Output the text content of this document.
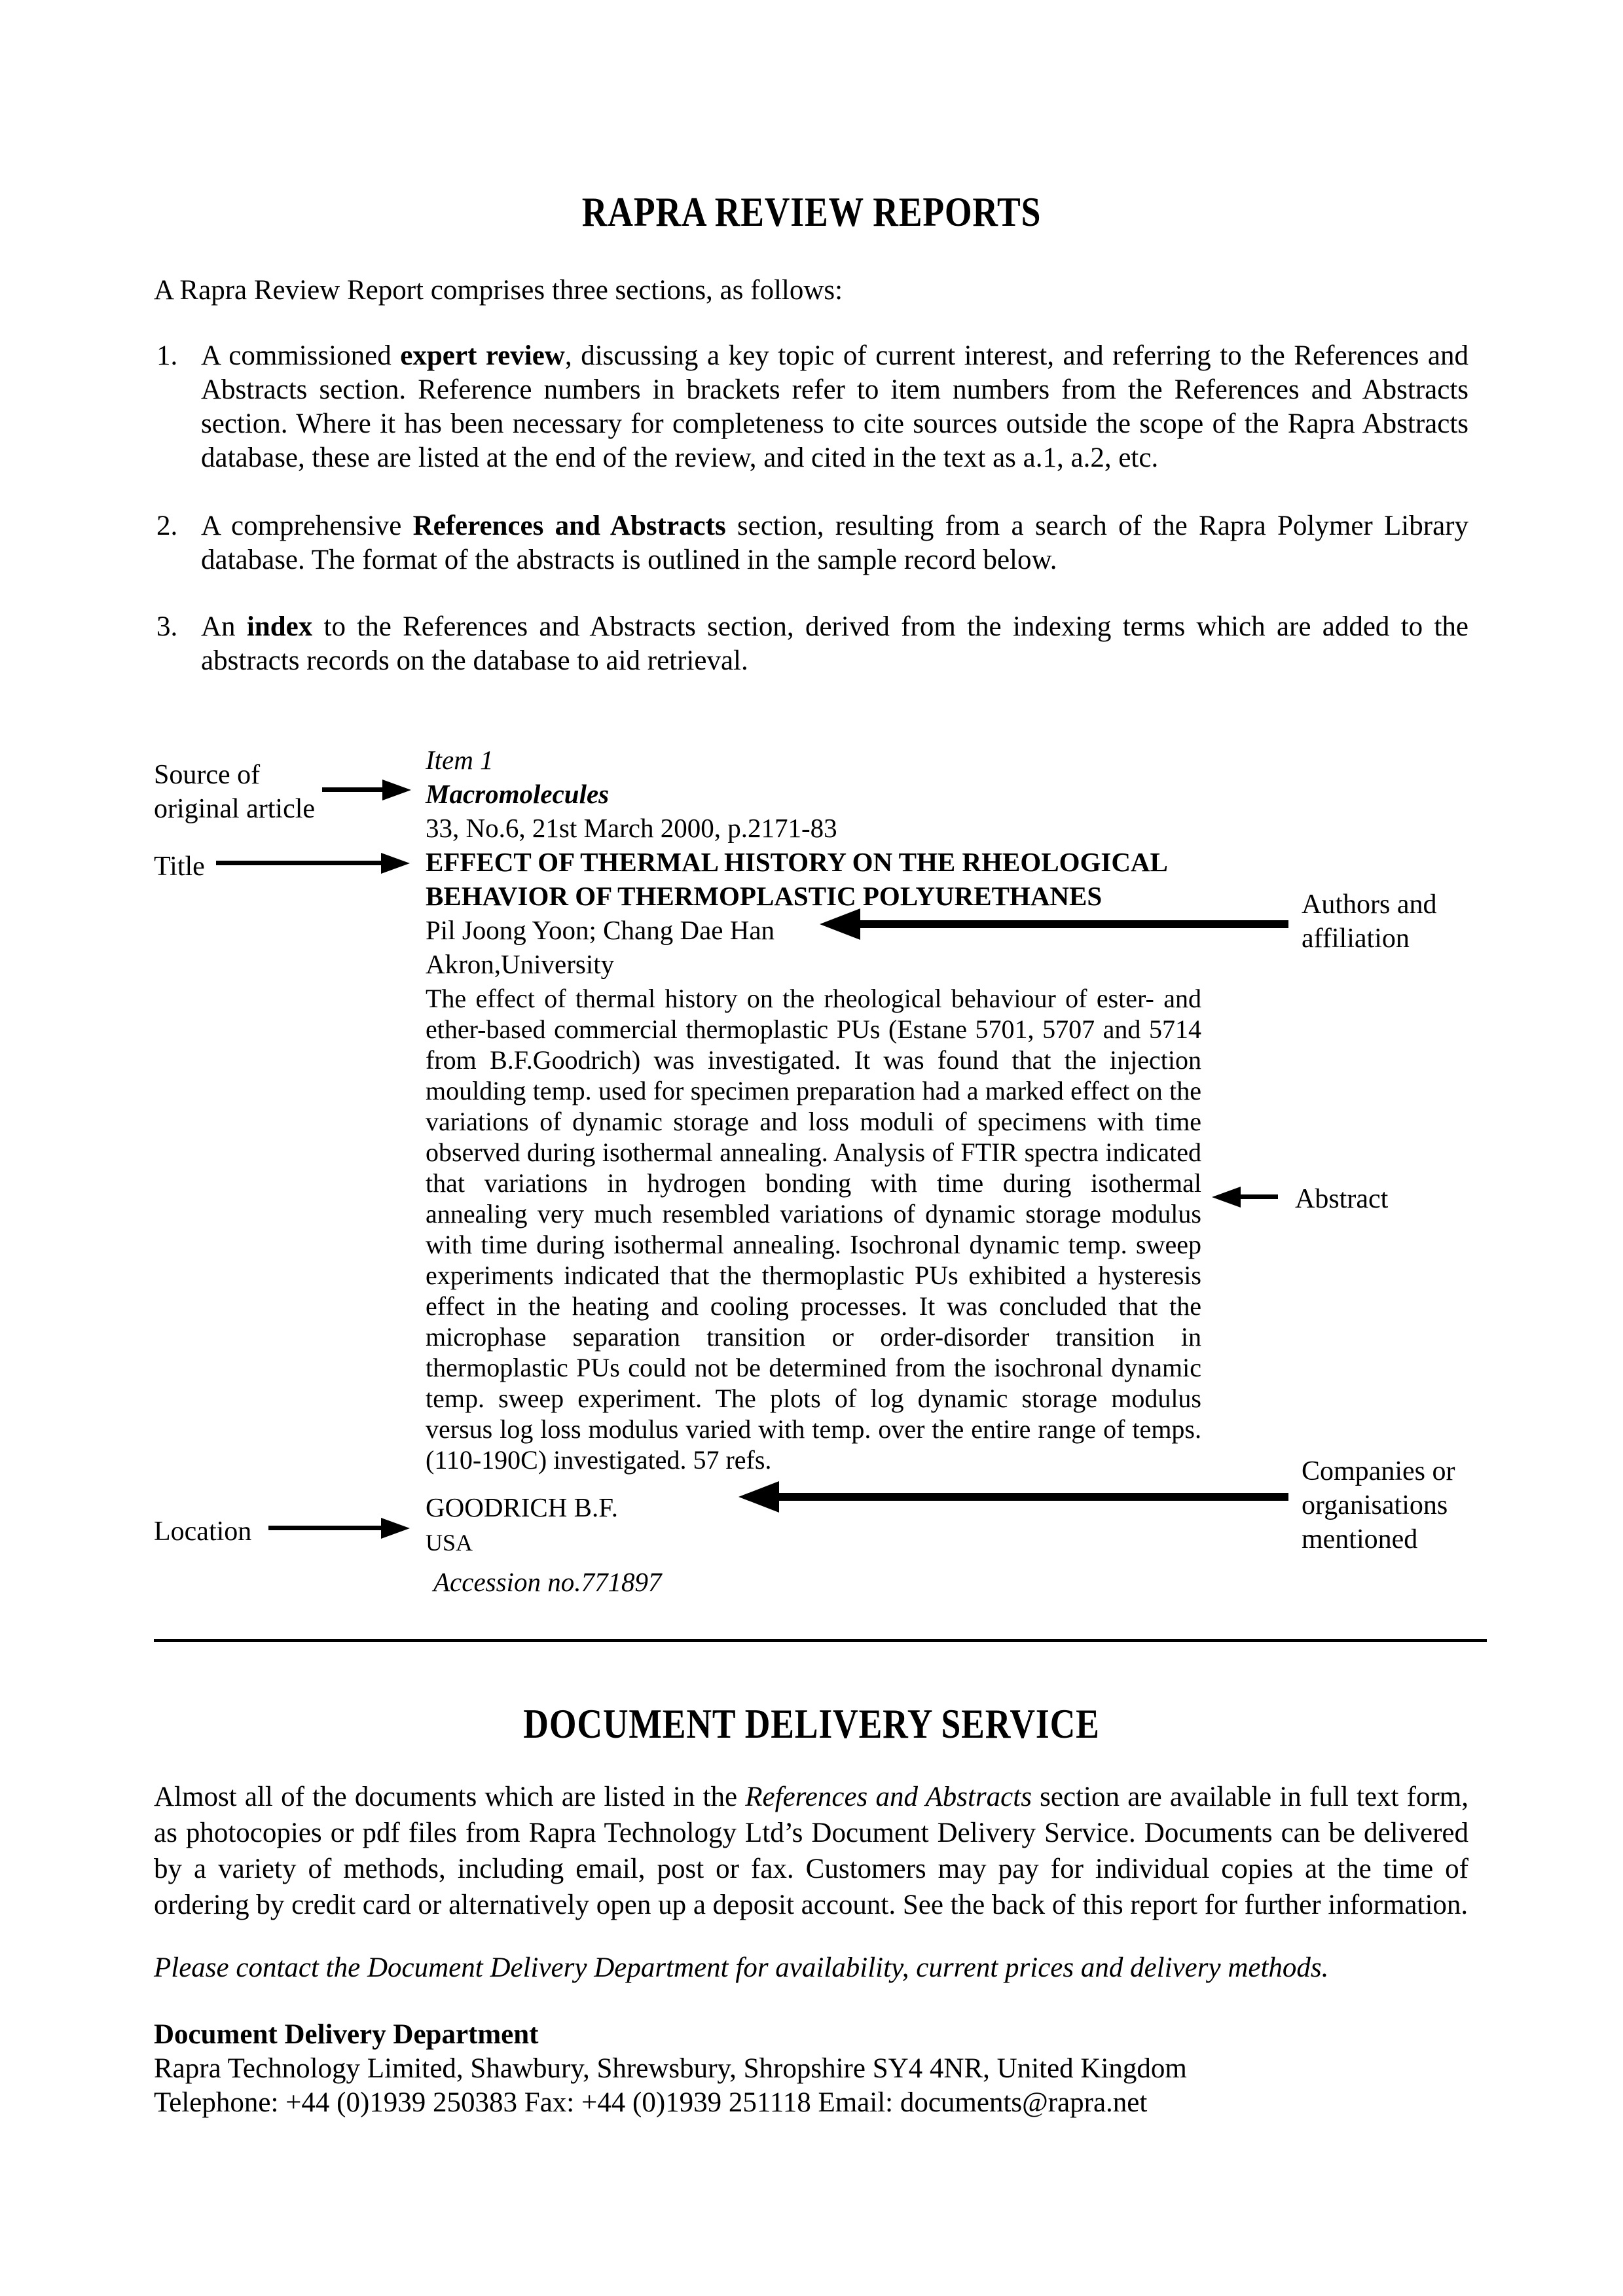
RAPRA REVIEW REPORTS
A Rapra Review Report comprises three sections, as follows:
1. A commissioned expert review, discussing a key topic of current interest, and referring to the References and Abstracts section. Reference numbers in brackets refer to item numbers from the References and Abstracts section. Where it has been necessary for completeness to cite sources outside the scope of the Rapra Abstracts database, these are listed at the end of the review, and cited in the text as a.1, a.2, etc.
2. A comprehensive References and Abstracts section, resulting from a search of the Rapra Polymer Library database. The format of the abstracts is outlined in the sample record below.
3. An index to the References and Abstracts section, derived from the indexing terms which are added to the abstracts records on the database to aid retrieval.
Item 1
Macromolecules
33, No.6, 21st March 2000, p.2171-83
EFFECT OF THERMAL HISTORY ON THE RHEOLOGICAL
BEHAVIOR OF THERMOPLASTIC POLYURETHANES
Pil Joong Yoon; Chang Dae Han
Akron,University
The effect of thermal history on the rheological behaviour of ester- and ether-based commercial thermoplastic PUs (Estane 5701, 5707 and 5714 from B.F.Goodrich) was investigated. It was found that the injection moulding temp. used for specimen preparation had a marked effect on the variations of dynamic storage and loss moduli of specimens with time observed during isothermal annealing. Analysis of FTIR spectra indicated that variations in hydrogen bonding with time during isothermal annealing very much resembled variations of dynamic storage modulus with time during isothermal annealing. Isochronal dynamic temp. sweep experiments indicated that the thermoplastic PUs exhibited a hysteresis effect in the heating and cooling processes. It was concluded that the microphase separation transition or order-disorder transition in thermoplastic PUs could not be determined from the isochronal dynamic temp. sweep experiment. The plots of log dynamic storage modulus versus log loss modulus varied with temp. over the entire range of temps. (110-190C) investigated. 57 refs.
GOODRICH B.F.
USA
Accession no.771897
Source of original article
Title
Authors and affiliation
Abstract
Companies or organisations mentioned
Location
DOCUMENT DELIVERY SERVICE
Almost all of the documents which are listed in the References and Abstracts section are available in full text form, as photocopies or pdf files from Rapra Technology Ltd’s Document Delivery Service. Documents can be delivered by a variety of methods, including email, post or fax. Customers may pay for individual copies at the time of ordering by credit card or alternatively open up a deposit account. See the back of this report for further information.
Please contact the Document Delivery Department for availability, current prices and delivery methods.
Document Delivery Department
Rapra Technology Limited, Shawbury, Shrewsbury, Shropshire SY4 4NR, United Kingdom
Telephone: +44 (0)1939 250383 Fax: +44 (0)1939 251118 Email: documents@rapra.net
